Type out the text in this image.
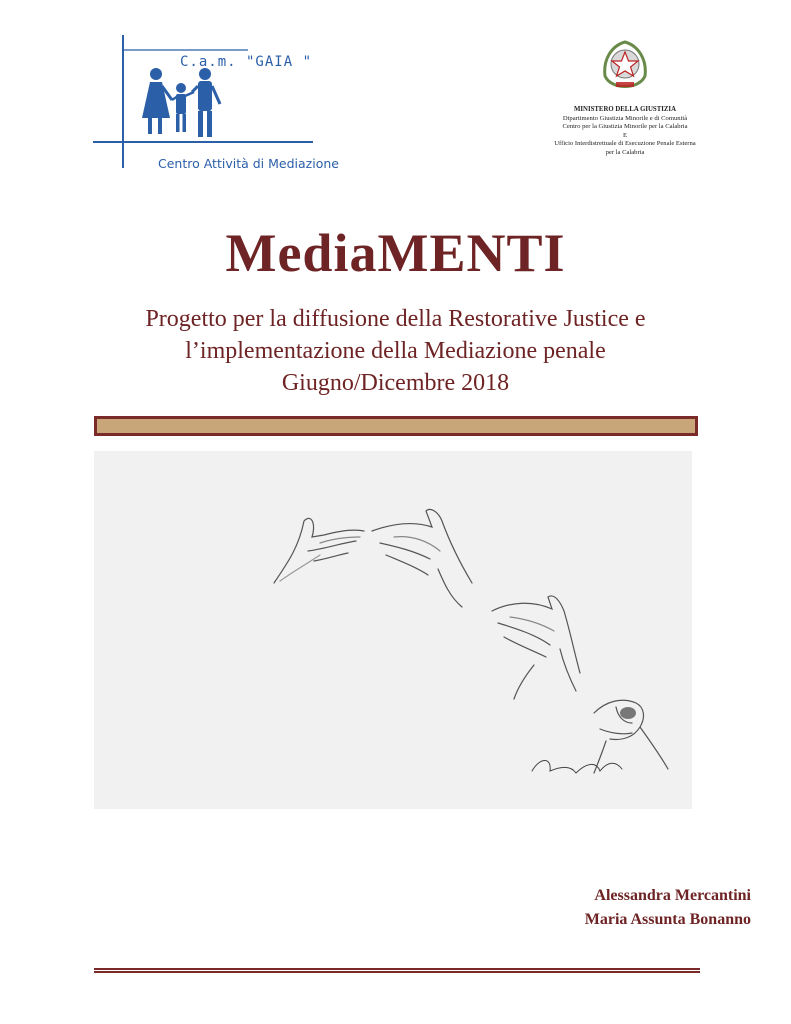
C.a.m. "GAIA "
Centro Attività di Mediazione
MINISTERO DELLA GIUSTIZIA
Dipartimento Giustizia Minorile e di Comunità
Centro per la Giustizia Minorile per la Calabria
E
Ufficio Interdistrettuale di Esecuzione Penale Esterna
per la Calabria
MediaMENTI
Progetto per la diffusione della Restorative Justice e
l’implementazione della Mediazione penale
Giugno/Dicembre 2018
Alessandra Mercantini
Maria Assunta Bonanno
